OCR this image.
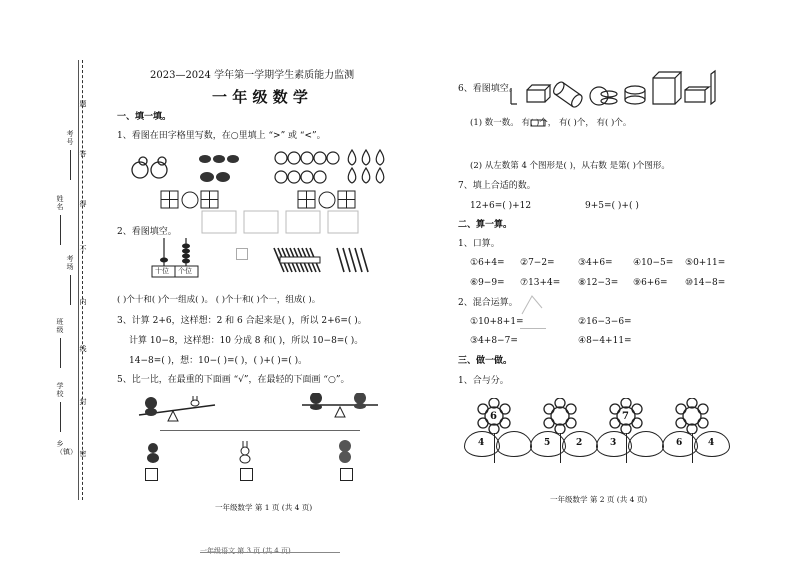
考号
姓名
考场
班级
学校
乡（镇）
题
答
得
不
内
线
封
密
2023—2024 学年第一学期学生素质能力监测
一 年 级 数 学
一、填一填。
1、看图在田字格里写数，在○里填上 “>” 或 “<”。
2、看图填空。
十位 个位
( )个十和( )个一组成( )。 ( )个十和( )个一，组成( )。
3、计算 2+6，这样想：2 和 6 合起来是( )，所以 2+6=( )。
计算 10−8，这样想：10 分成 8 和( )，所以 10−8=( )。
14−8=( )，想：10−( )=( )，( )+( )=( )。
5、比一比，在最重的下面画 “√”，在最轻的下面画 “○”。
一年级数学 第 1 页 (共 4 页)
6、看图填空。
(1) 数一数。 有( )个， 有( )个， 有( )个。
(2) 从左数第 4 个图形是( )，从右数 是第( )个图形。
7、填上合适的数。
12+6=( )+12	9+5=( )+( )
二、算一算。
1、口算。
①6+4= ②7−2=	③4+6= ④10−5= ⑤0+11=
⑥9−9= ⑦13+4= ⑧12−3= ⑨6+6= ⑩14−8=
2、混合运算。
①10+8+1=	②16−3−6=
③4+8−7=	④8−4+11=
三、做一做。
1、合与分。
6
4	5	2
7
3	6	4
一年级数学 第 2 页 (共 4 页)
一年级语文 第 3 页 (共 4 页)
